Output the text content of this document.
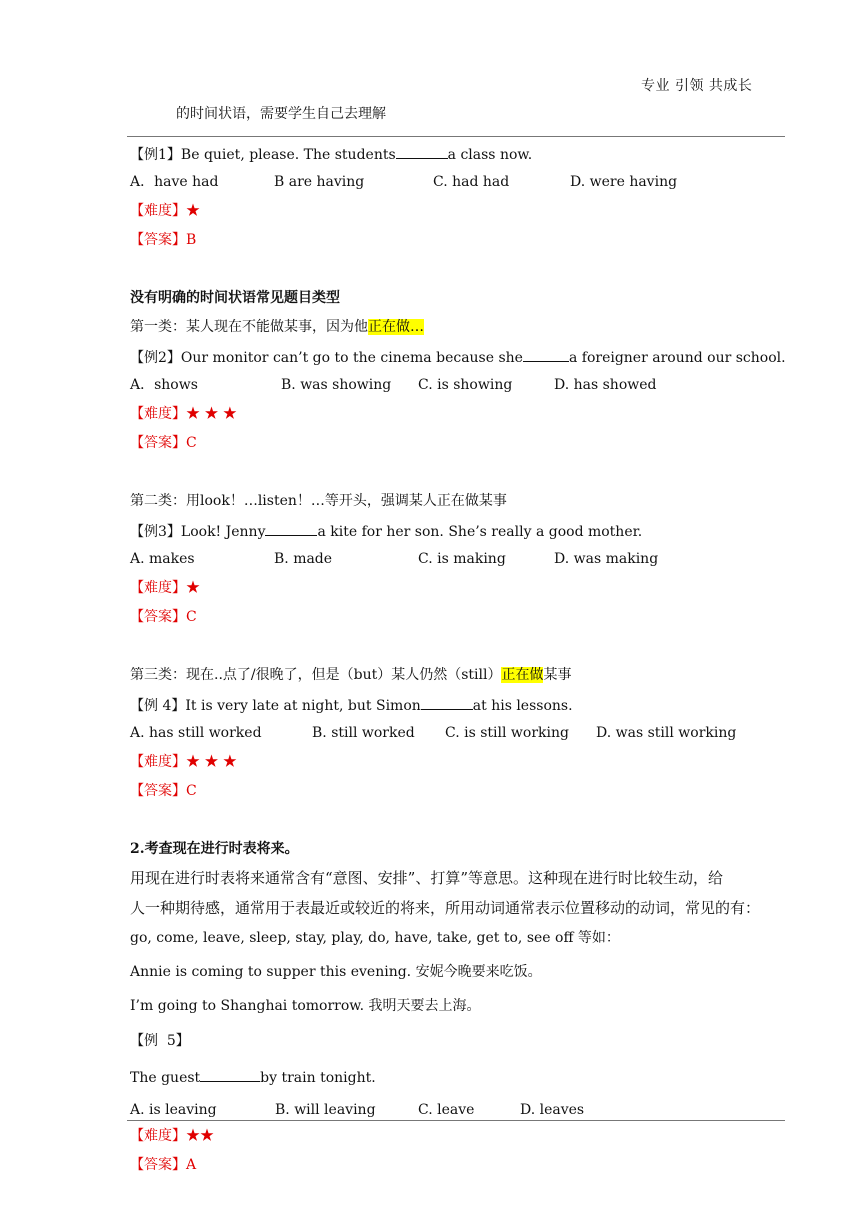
专业 引领 共成长
的时间状语，需要学生自己去理解
【例1】Be quiet, please. The students	a class now.
A．have had	B are having	C. had had	D. were having
【难度】★
【答案】B
没有明确的时间状语常见题目类型
第一类：某人现在不能做某事，因为他正在做…
【例2】Our monitor can’t go to the cinema because she	a foreigner around our school.
A．shows	B. was showing C. is showing	D. has showed
【难度】★ ★ ★
【答案】C
第二类：用look！…listen！…等开头，强调某人正在做某事
【例3】Look! Jenny	a kite for her son. She’s really a good mother.
A. makes	B. made	C. is making	D. was making
【难度】★
【答案】C
第三类：现在..点了/很晚了，但是（but）某人仍然（still）正在做某事
【例 4】It is very late at night, but Simon	at his lessons.
A. has still worked	B. still worked C. is still working D. was still working
【难度】★ ★ ★
【答案】C
2.考查现在进行时表将来。
用现在进行时表将来通常含有“意图、安排”、打算”等意思。这种现在进行时比较生动，给
人一种期待感，通常用于表最近或较近的将来，所用动词通常表示位置移动的动词，常见的有：
go, come, leave, sleep, stay, play, do, have, take, get to, see off 等如：
Annie is coming to supper this evening. 安妮今晚要来吃饭。
I’m going to Shanghai tomorrow. 我明天要去上海。
【例  5】
The guest	by train tonight.
A. is leaving	B. will leaving	C. leave	D. leaves
【难度】★★
【答案】A
